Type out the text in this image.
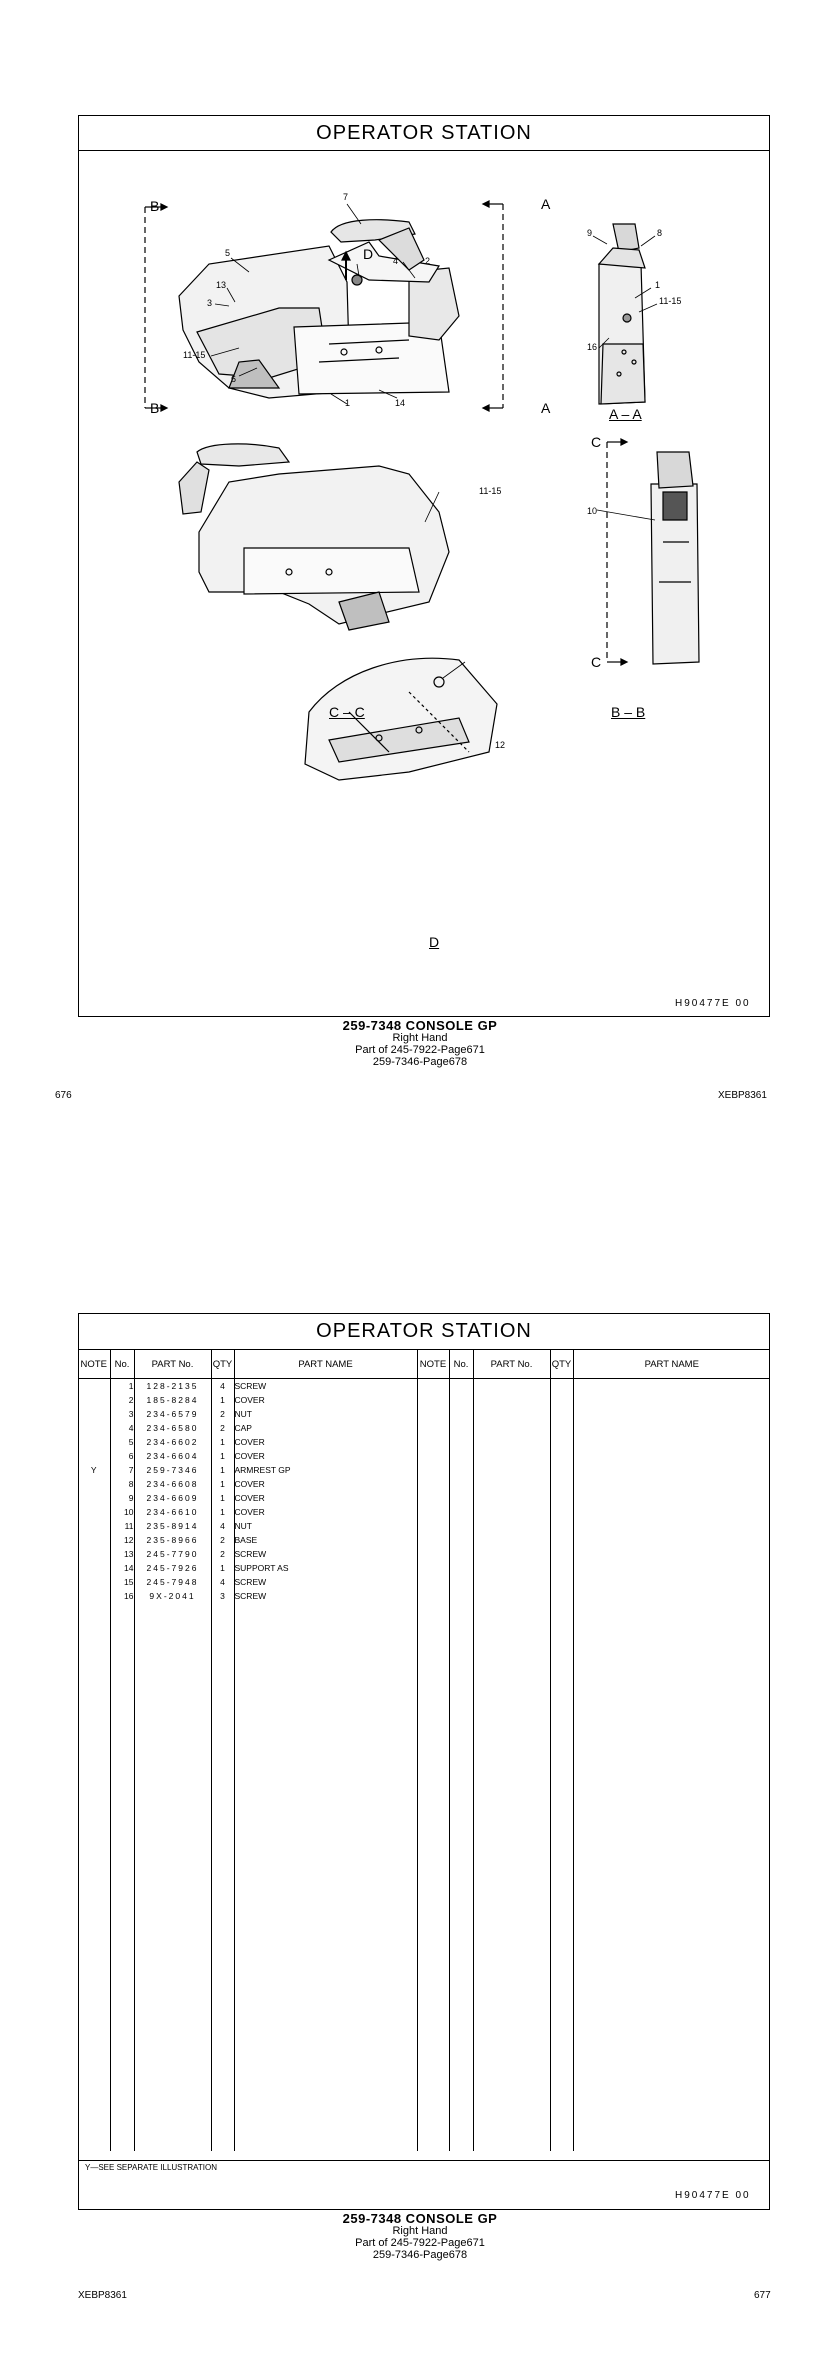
OPERATOR STATION
B
B
A
A
C
C
D
7
5
13
3
4	2
11-15
6
1	14
9	8
1
11-15
16
A – A
11-15
10
C – C	B – B
12
D
H90477E 00
259-7348 CONSOLE GP
Right Hand
Part of 245-7922-Page671
259-7346-Page678
676	XEBP8361
OPERATOR STATION
Y—SEE SEPARATE ILLUSTRATION
H90477E 00
NOTE	No.	PART No.	QTY	PART NAME	NOTE	No.	PART No.	QTY	PART NAME
	1	128-2135	4	SCREW					
	2	185-8284	1	COVER					
	3	234-6579	2	NUT					
	4	234-6580	2	CAP					
	5	234-6602	1	COVER					
	6	234-6604	1	COVER					
Y	7	259-7346	1	ARMREST GP					
	8	234-6608	1	COVER					
	9	234-6609	1	COVER					
	10	234-6610	1	COVER					
	11	235-8914	4	NUT					
	12	235-8966	2	BASE					
	13	245-7790	2	SCREW					
	14	245-7926	1	SUPPORT AS					
	15	245-7948	4	SCREW					
	16	9X-2041	3	SCREW					

259-7348 CONSOLE GP
Right Hand
Part of 245-7922-Page671
259-7346-Page678
XEBP8361	677
